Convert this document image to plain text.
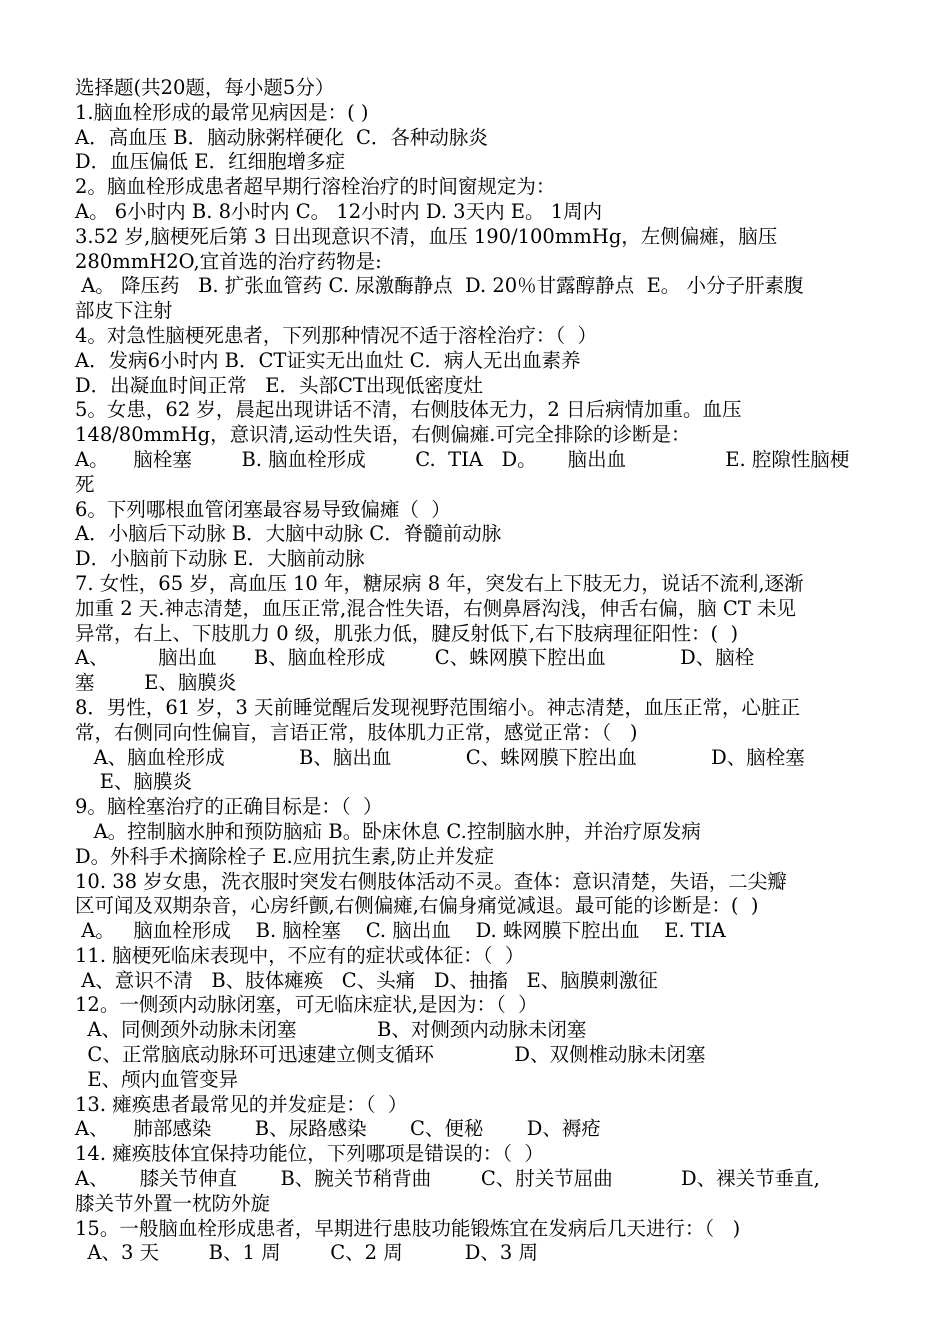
选择题(共20题，每小题5分）
1.脑血栓形成的最常见病因是：( )
A．高血压 B．脑动脉粥样硬化  C．各种动脉炎
D．血压偏低 E．红细胞增多症
2。脑血栓形成患者超早期行溶栓治疗的时间窗规定为：
A。 6小时内 B. 8小时内 C。 12小时内 D. 3天内 E。 1周内
3.52 岁,脑梗死后第 3 日出现意识不清，血压 190/100mmHg，左侧偏瘫，脑压
280mmH2O,宜首选的治疗药物是:
A。 降压药   B. 扩张血管药 C. 尿激酶静点  D. 20％甘露醇静点  E。 小分子肝素腹
部皮下注射
4。对急性脑梗死患者，下列那种情况不适于溶栓治疗：（  ）
A．发病6小时内 B．CT证实无出血灶 C．病人无出血素养
D．出凝血时间正常   E．头部CT出现低密度灶
5。女患，62 岁，晨起出现讲话不清，右侧肢体无力，2 日后病情加重。血压
148/80mmHg，意识清,运动性失语，右侧偏瘫.可完全排除的诊断是：
A。    脑栓塞        B. 脑血栓形成        C.  TIA   D。     脑出血                E. 腔隙性脑梗
死
6。下列哪根血管闭塞最容易导致偏瘫（  ）
A．小脑后下动脉 B．大脑中动脉 C．脊髓前动脉
D．小脑前下动脉 E．大脑前动脉
7. 女性，65 岁，高血压 10 年，糖尿病 8 年，突发右上下肢无力，说话不流利,逐渐
加重 2 天.神志清楚，血压正常,混合性失语，右侧鼻唇沟浅，伸舌右偏，脑 CT 未见
异常，右上、下肢肌力 0 级，肌张力低，腱反射低下,右下肢病理征阳性：(  )
A、        脑出血      B、脑血栓形成        C、蛛网膜下腔出血            D、脑栓
塞        E、脑膜炎
8．男性，61 岁，3 天前睡觉醒后发现视野范围缩小。神志清楚，血压正常，心脏正
常，右侧同向性偏盲，言语正常，肢体肌力正常，感觉正常：（   )
A、脑血栓形成            B、脑出血            C、蛛网膜下腔出血            D、脑栓塞
E、脑膜炎
9。脑栓塞治疗的正确目标是：（  ）
A。控制脑水肿和预防脑疝 B。卧床休息 C.控制脑水肿，并治疗原发病
D。外科手术摘除栓子 E.应用抗生素,防止并发症
10. 38 岁女患，洗衣服时突发右侧肢体活动不灵。查体：意识清楚，失语，二尖瓣
区可闻及双期杂音，心房纤颤,右侧偏瘫,右偏身痛觉减退。最可能的诊断是：(  )
A。   脑血栓形成    B. 脑栓塞    C. 脑出血    D. 蛛网膜下腔出血    E. TIA
11. 脑梗死临床表现中，不应有的症状或体征：（  ）
A、意识不清   B、肢体瘫痪   C、头痛   D、抽搐   E、脑膜刺激征
12。一侧颈内动脉闭塞，可无临床症状,是因为：（  ）
A、同侧颈外动脉未闭塞             B、对侧颈内动脉未闭塞
C、正常脑底动脉环可迅速建立侧支循环             D、双侧椎动脉未闭塞
E、颅内血管变异
13. 瘫痪患者最常见的并发症是：（  ）
A、    肺部感染       B、尿路感染       C、便秘       D、褥疮
14. 瘫痪肢体宜保持功能位，下列哪项是错误的：（  ）
A、     膝关节伸直       B、腕关节稍背曲        C、肘关节屈曲           D、裸关节垂直,
膝关节外置一枕防外旋
15。一般脑血栓形成患者，早期进行患肢功能锻炼宜在发病后几天进行：（   )
A、3 天        B、1 周        C、2 周          D、3 周
